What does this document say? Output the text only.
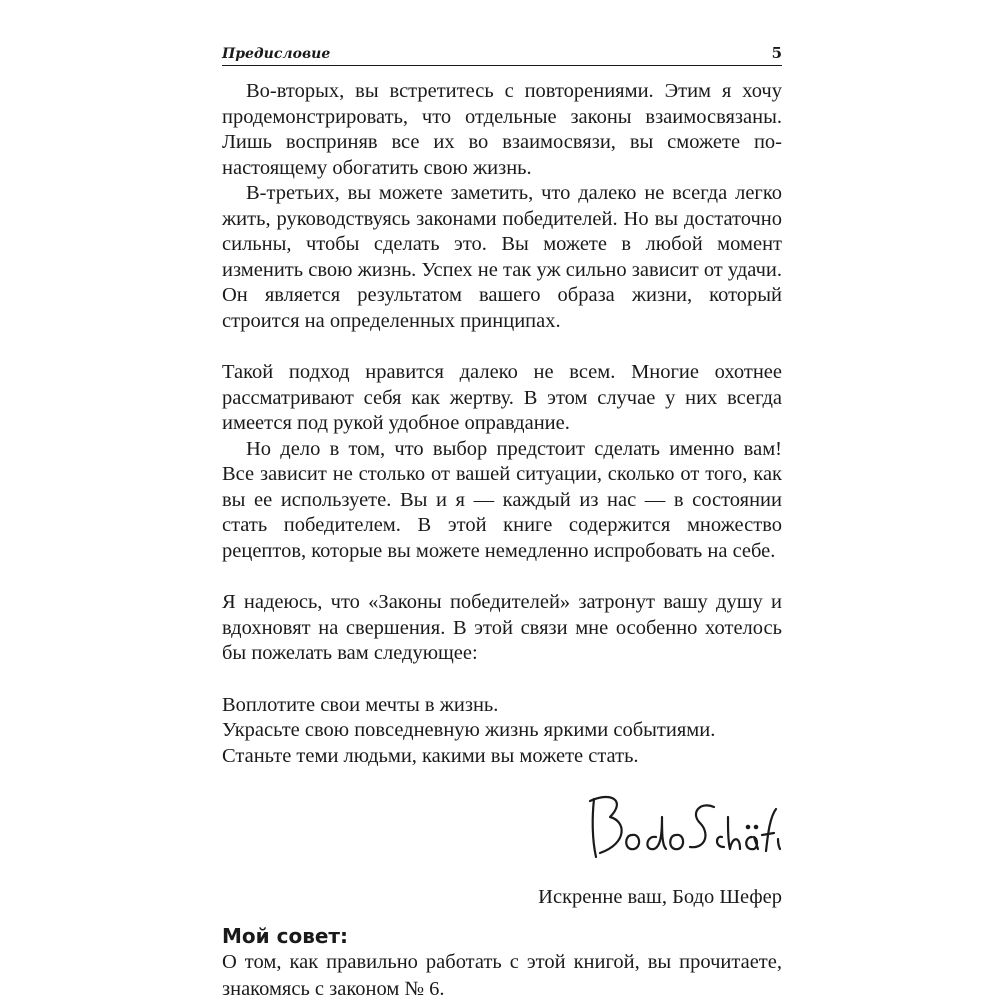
Предисловие	5

Во-вторых, вы встретитесь с повторениями. Этим я хочу продемонстрировать, что отдельные законы взаимосвязаны. Лишь восприняв все их во взаимосвязи, вы сможете по-настоящему обогатить свою жизнь.

В-третьих, вы можете заметить, что далеко не всегда легко жить, руководствуясь законами победителей. Но вы достаточно сильны, чтобы сделать это. Вы можете в любой момент изменить свою жизнь. Успех не так уж сильно зависит от удачи. Он является результатом вашего образа жизни, который строится на определенных принципах.

Такой подход нравится далеко не всем. Многие охотнее рассматривают себя как жертву. В этом случае у них всегда имеется под рукой удобное оправдание.

Но дело в том, что выбор предстоит сделать именно вам! Все зависит не столько от вашей ситуации, сколько от того, как вы ее используете. Вы и я — каждый из нас — в состоянии стать победителем. В этой книге содержится множество рецептов, которые вы можете немедленно испробовать на себе.

Я надеюсь, что «Законы победителей» затронут вашу душу и вдохновят на свершения. В этой связи мне особенно хотелось бы пожелать вам следующее:

Воплотите свои мечты в жизнь.
Украсьте свою повседневную жизнь яркими событиями.
Станьте теми людьми, какими вы можете стать.

Искренне ваш, Бодо Шефер
Мой совет:
О том, как правильно работать с этой книгой, вы прочитаете, знакомясь с законом № 6.
